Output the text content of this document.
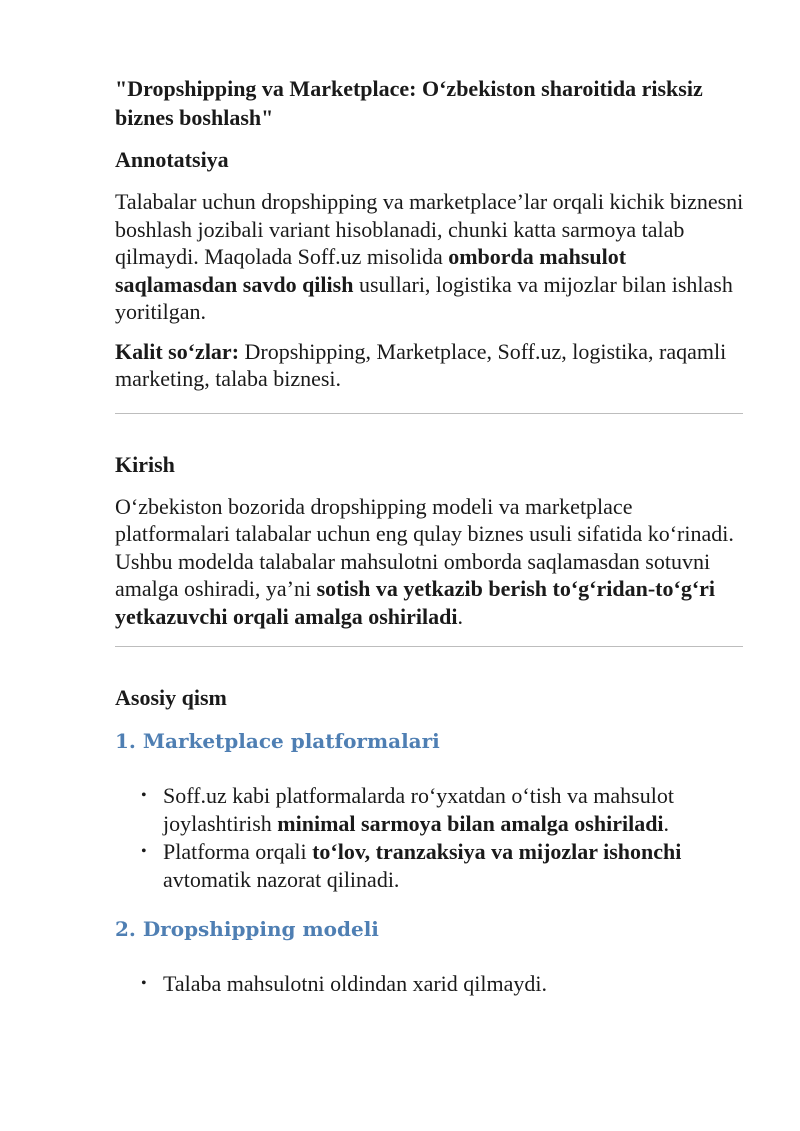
"Dropshipping va Marketplace: O‘zbekiston sharoitida risksiz biznes boshlash"
Annotatsiya

Talabalar uchun dropshipping va marketplace’lar orqali kichik biznesni boshlash jozibali variant hisoblanadi, chunki katta sarmoya talab qilmaydi. Maqolada Soff.uz misolida omborda mahsulot saqlamasdan savdo qilish usullari, logistika va mijozlar bilan ishlash yoritilgan.

Kalit so‘zlar: Dropshipping, Marketplace, Soff.uz, logistika, raqamli marketing, talaba biznesi.

Kirish

O‘zbekiston bozorida dropshipping modeli va marketplace platformalari talabalar uchun eng qulay biznes usuli sifatida ko‘rinadi. Ushbu modelda talabalar mahsulotni omborda saqlamasdan sotuvni amalga oshiradi, ya’ni sotish va yetkazib berish to‘g‘ridan-to‘g‘ri yetkazuvchi orqali amalga oshiriladi.

Asosiy qism
1. Marketplace platformalari
• Soff.uz kabi platformalarda ro‘yxatdan o‘tish va mahsulot joylashtirish minimal sarmoya bilan amalga oshiriladi.
• Platforma orqali to‘lov, tranzaksiya va mijozlar ishonchi avtomatik nazorat qilinadi.
2. Dropshipping modeli
• Talaba mahsulotni oldindan xarid qilmaydi.
